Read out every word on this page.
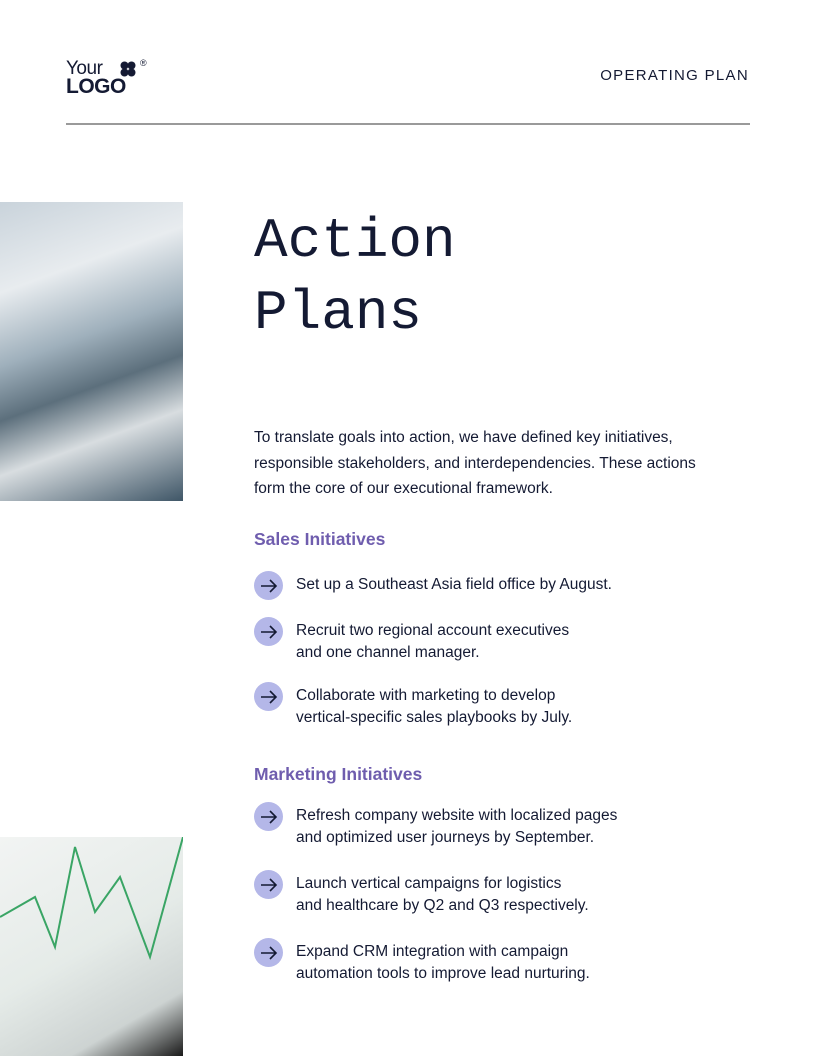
Your	®
LOGO	OPERATING PLAN
Action
Plans

To translate goals into action, we have defined key initiatives, responsible stakeholders, and interdependencies. These actions form the core of our executional framework.

Sales Initiatives
Set up a Southeast Asia field office by August.
Recruit two regional account executives
and one channel manager.
Collaborate with marketing to develop
vertical-specific sales playbooks by July.
Marketing Initiatives
Refresh company website with localized pages
and optimized user journeys by September.
Launch vertical campaigns for logistics
and healthcare by Q2 and Q3 respectively.
Expand CRM integration with campaign
automation tools to improve lead nurturing.
